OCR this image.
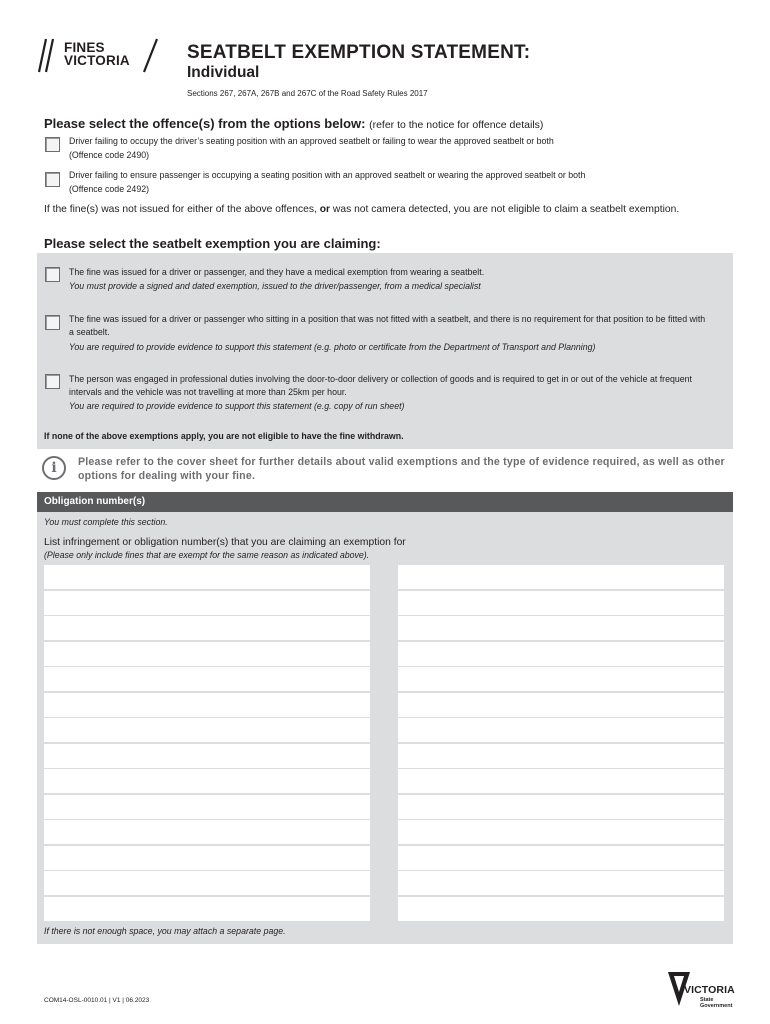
FINES
VICTORIA	SEATBELT EXEMPTION STATEMENT:
Individual
Sections 267, 267A, 267B and 267C of the Road Safety Rules 2017
Please select the offence(s) from the options below: (refer to the notice for offence details)
Driver failing to occupy the driver’s seating position with an approved seatbelt or failing to wear the approved seatbelt or both
(Offence code 2490)
Driver failing to ensure passenger is occupying a seating position with an approved seatbelt or wearing the approved seatbelt or both
(Offence code 2492)
If the fine(s) was not issued for either of the above offences, or was not camera detected, you are not eligible to claim a seatbelt exemption.
Please select the seatbelt exemption you are claiming:
The fine was issued for a driver or passenger, and they have a medical exemption from wearing a seatbelt.
You must provide a signed and dated exemption, issued to the driver/passenger, from a medical specialist
The fine was issued for a driver or passenger who sitting in a position that was not fitted with a seatbelt, and there is no requirement for that position to be fitted with a seatbelt.
You are required to provide evidence to support this statement (e.g. photo or certificate from the Department of Transport and Planning)
The person was engaged in professional duties involving the door-to-door delivery or collection of goods and is required to get in or out of the vehicle at frequent intervals and the vehicle was not travelling at more than 25km per hour.
You are required to provide evidence to support this statement (e.g. copy of run sheet)
If none of the above exemptions apply, you are not eligible to have the fine withdrawn.
i	Please refer to the cover sheet for further details about valid exemptions and the type of evidence required, as well as other options for dealing with your fine.
Obligation number(s)
You must complete this section.
List infringement or obligation number(s) that you are claiming an exemption for
(Please only include fines that are exempt for the same reason as indicated above).
If there is not enough space, you may attach a separate page.
COM14-OSL-0010.01 | V1 | 06.2023
VICTORIA
State
Government
